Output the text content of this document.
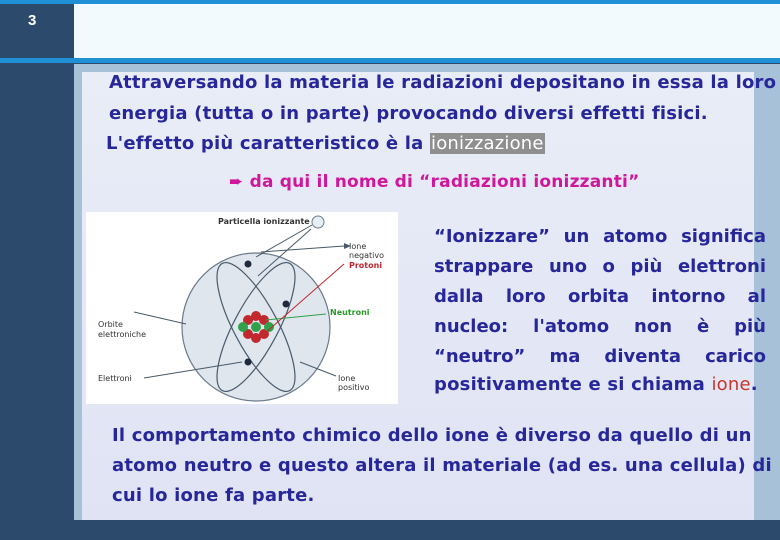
3
Attraversando la materia le radiazioni depositano in essa la loro
energia (tutta o in parte) provocando diversi effetti fisici.
L'effetto più caratteristico è la ionizzazione
➨ da qui il nome di “radiazioni ionizzanti”
Particella ionizzante
Ione
negativo
Protoni
Neutroni
Orbite
elettroniche
Elettroni	Ione
positivo
“Ionizzare” un atomo significa
strappare uno o più elettroni
dalla loro orbita intorno al
nucleo: l'atomo non è più
“neutro” ma diventa carico
positivamente e si chiama ione.
Il comportamento chimico dello ione è diverso da quello di un
atomo neutro e questo altera il materiale (ad es. una cellula) di
cui lo ione fa parte.
